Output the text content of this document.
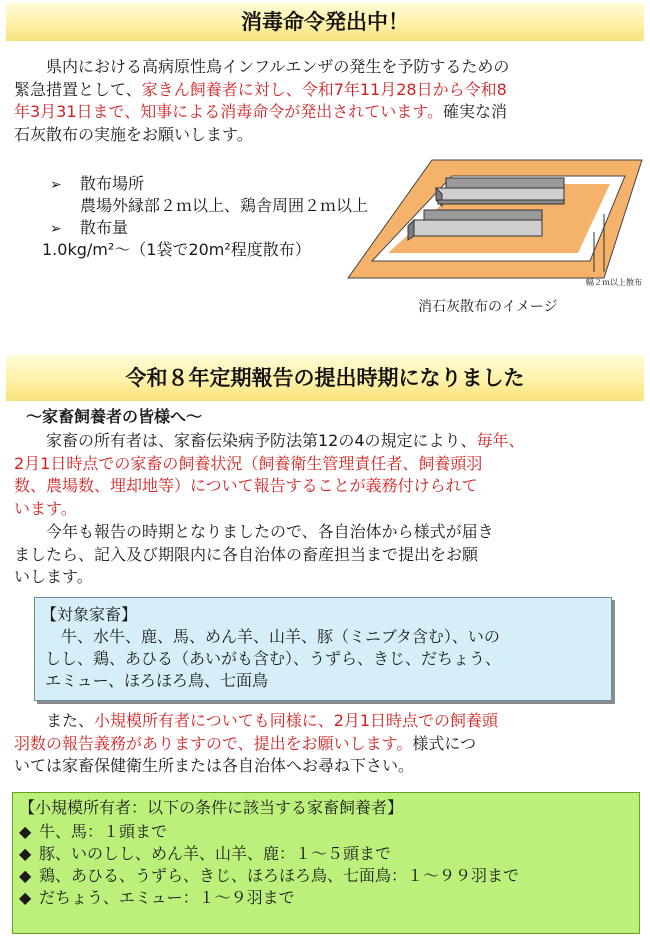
消毒命令発出中！
県内における高病原性鳥インフルエンザの発生を予防するための
緊急措置として、家きん飼養者に対し、令和7年11月28日から令和8
年3月31日まで、知事による消毒命令が発出されています。確実な消
石灰散布の実施をお願いします。
➢ 散布場所
農場外縁部２ｍ以上、鶏舎周囲２ｍ以上
➢ 散布量
1.0kg/m²～（1袋で20m²程度散布）
幅２ｍ以上散布
消石灰散布のイメージ
令和８年定期報告の提出時期になりました
～家畜飼養者の皆様へ～
家畜の所有者は、家畜伝染病予防法第12の4の規定により、毎年、
2月1日時点での家畜の飼養状況（飼養衛生管理責任者、飼養頭羽
数、農場数、埋却地等）について報告することが義務付けられて
います。
今年も報告の時期となりましたので、各自治体から様式が届き
ましたら、記入及び期限内に各自治体の畜産担当まで提出をお願
いします。
【対象家畜】
牛、水牛、鹿、馬、めん羊、山羊、豚（ミニブタ含む）、いの
しし、鶏、あひる（あいがも含む）、うずら、きじ、だちょう、
エミュー、ほろほろ鳥、七面鳥
また、小規模所有者についても同様に、2月1日時点での飼養頭
羽数の報告義務がありますので、提出をお願いします。様式につ
いては家畜保健衛生所または各自治体へお尋ね下さい。
【小規模所有者：以下の条件に該当する家畜飼養者】
◆ 牛、馬：１頭まで
◆ 豚、いのしし、めん羊、山羊、鹿：１～５頭まで
◆ 鶏、あひる、うずら、きじ、ほろほろ鳥、七面鳥：１～９９羽まで
◆ だちょう、エミュー：１～９羽まで
